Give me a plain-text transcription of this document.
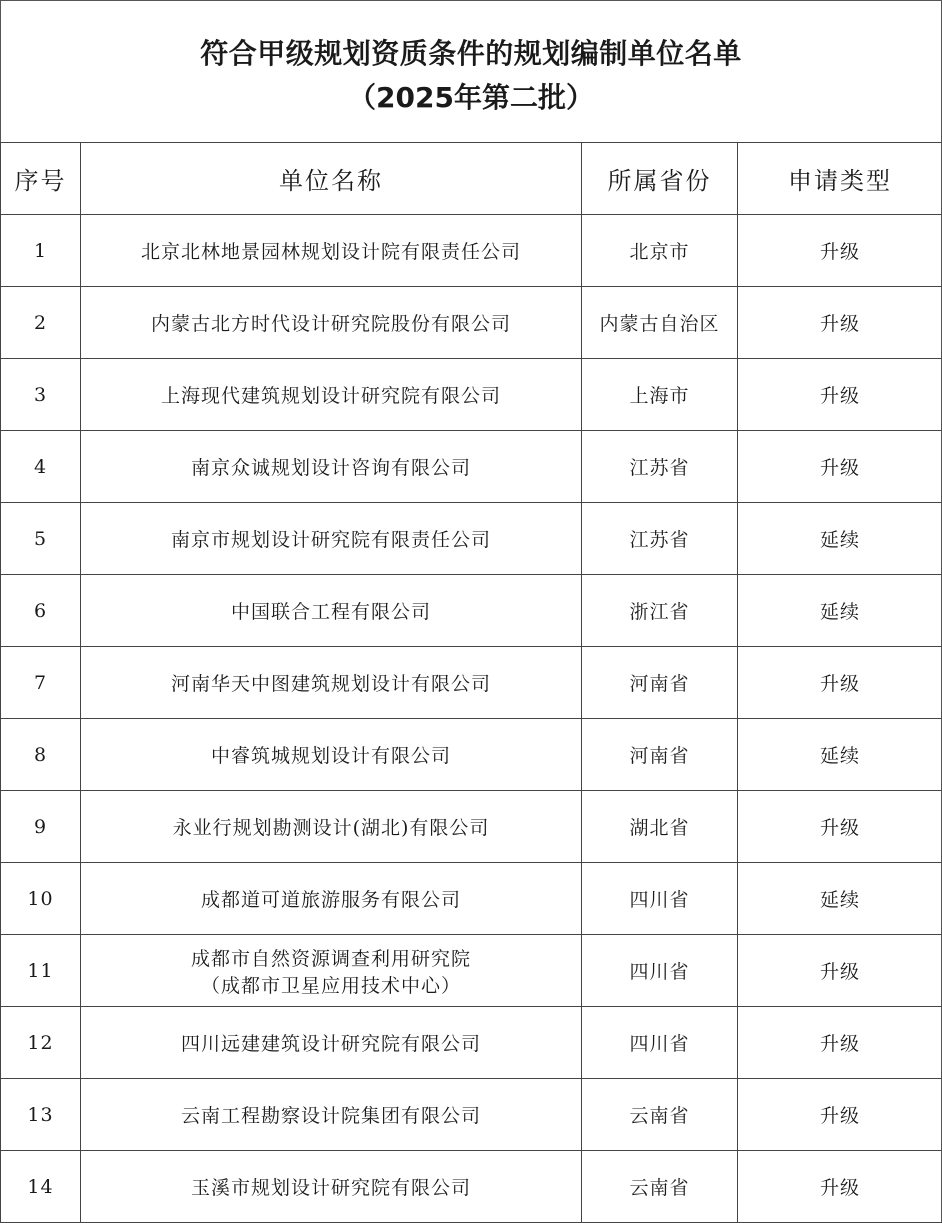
符合甲级规划资质条件的规划编制单位名单
（2025年第二批）
序号	单位名称	所属省份	申请类型
1	北京北林地景园林规划设计院有限责任公司	北京市	升级
2	内蒙古北方时代设计研究院股份有限公司	内蒙古自治区	升级
3	上海现代建筑规划设计研究院有限公司	上海市	升级
4	南京众诚规划设计咨询有限公司	江苏省	升级
5	南京市规划设计研究院有限责任公司	江苏省	延续
6	中国联合工程有限公司	浙江省	延续
7	河南华天中图建筑规划设计有限公司	河南省	升级
8	中睿筑城规划设计有限公司	河南省	延续
9	永业行规划勘测设计(湖北)有限公司	湖北省	升级
10	成都道可道旅游服务有限公司	四川省	延续
11	成都市自然资源调查利用研究院
（成都市卫星应用技术中心）	四川省	升级
12	四川远建建筑设计研究院有限公司	四川省	升级
13	云南工程勘察设计院集团有限公司	云南省	升级
14	玉溪市规划设计研究院有限公司	云南省	升级
